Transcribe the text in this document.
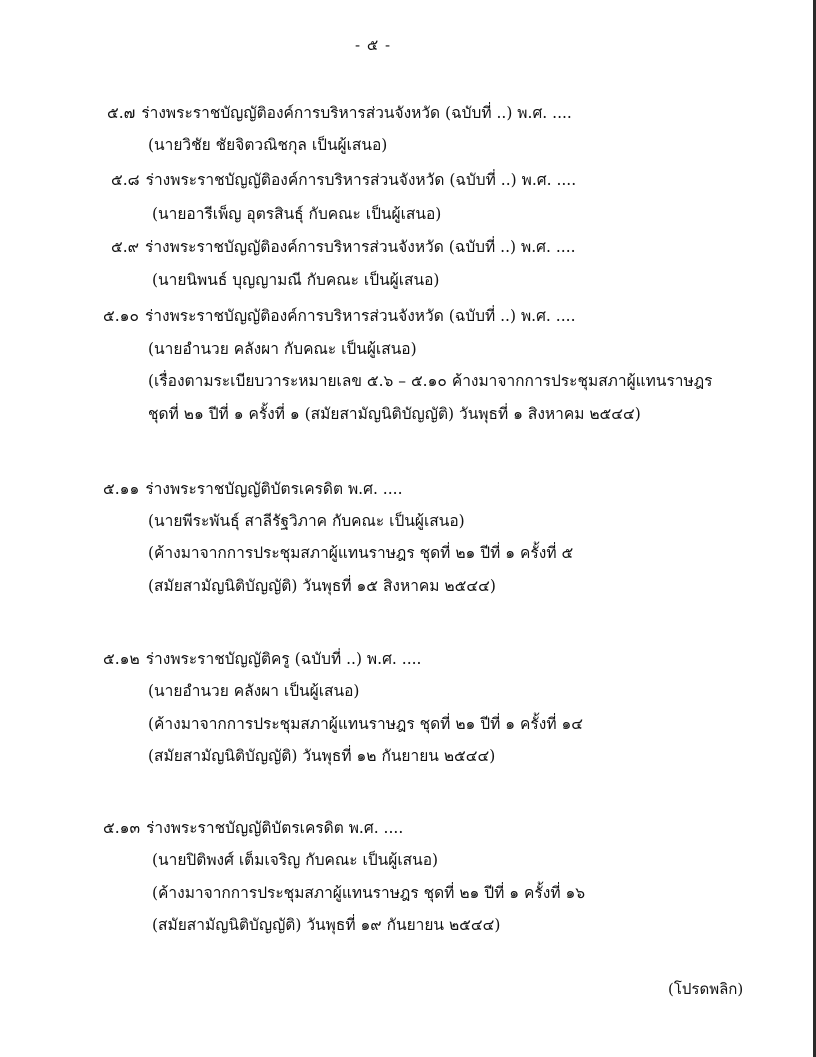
- ๕ -
๕.๗ ร่างพระราชบัญญัติองค์การบริหารส่วนจังหวัด (ฉบับที่ ..) พ.ศ. ....
(นายวิชัย ชัยจิตวณิชกุล เป็นผู้เสนอ)
๕.๘ ร่างพระราชบัญญัติองค์การบริหารส่วนจังหวัด (ฉบับที่ ..) พ.ศ. ....
(นายอารีเพ็ญ อุตรสินธุ์ กับคณะ เป็นผู้เสนอ)
๕.๙ ร่างพระราชบัญญัติองค์การบริหารส่วนจังหวัด (ฉบับที่ ..) พ.ศ. ....
(นายนิพนธ์ บุญญามณี กับคณะ เป็นผู้เสนอ)
๕.๑๐ ร่างพระราชบัญญัติองค์การบริหารส่วนจังหวัด (ฉบับที่ ..) พ.ศ. ....
(นายอำนวย คลังผา กับคณะ เป็นผู้เสนอ)
(เรื่องตามระเบียบวาระหมายเลข ๕.๖ – ๕.๑๐ ค้างมาจากการประชุมสภาผู้แทนราษฎร
ชุดที่ ๒๑ ปีที่ ๑ ครั้งที่ ๑ (สมัยสามัญนิติบัญญัติ) วันพุธที่ ๑ สิงหาคม ๒๕๔๔)
๕.๑๑ ร่างพระราชบัญญัติบัตรเครดิต พ.ศ. ....
(นายพีระพันธุ์ สาลีรัฐวิภาค กับคณะ เป็นผู้เสนอ)
(ค้างมาจากการประชุมสภาผู้แทนราษฎร ชุดที่ ๒๑ ปีที่ ๑ ครั้งที่ ๕
(สมัยสามัญนิติบัญญัติ) วันพุธที่ ๑๕ สิงหาคม ๒๕๔๔)
๕.๑๒ ร่างพระราชบัญญัติครู (ฉบับที่ ..) พ.ศ. ....
(นายอำนวย คลังผา เป็นผู้เสนอ)
(ค้างมาจากการประชุมสภาผู้แทนราษฎร ชุดที่ ๒๑ ปีที่ ๑ ครั้งที่ ๑๔
(สมัยสามัญนิติบัญญัติ) วันพุธที่ ๑๒ กันยายน ๒๕๔๔)
๕.๑๓ ร่างพระราชบัญญัติบัตรเครดิต พ.ศ. ....
(นายปิติพงศ์ เต็มเจริญ กับคณะ เป็นผู้เสนอ)
(ค้างมาจากการประชุมสภาผู้แทนราษฎร ชุดที่ ๒๑ ปีที่ ๑ ครั้งที่ ๑๖
(สมัยสามัญนิติบัญญัติ) วันพุธที่ ๑๙ กันยายน ๒๕๔๔)
(โปรดพลิก)
